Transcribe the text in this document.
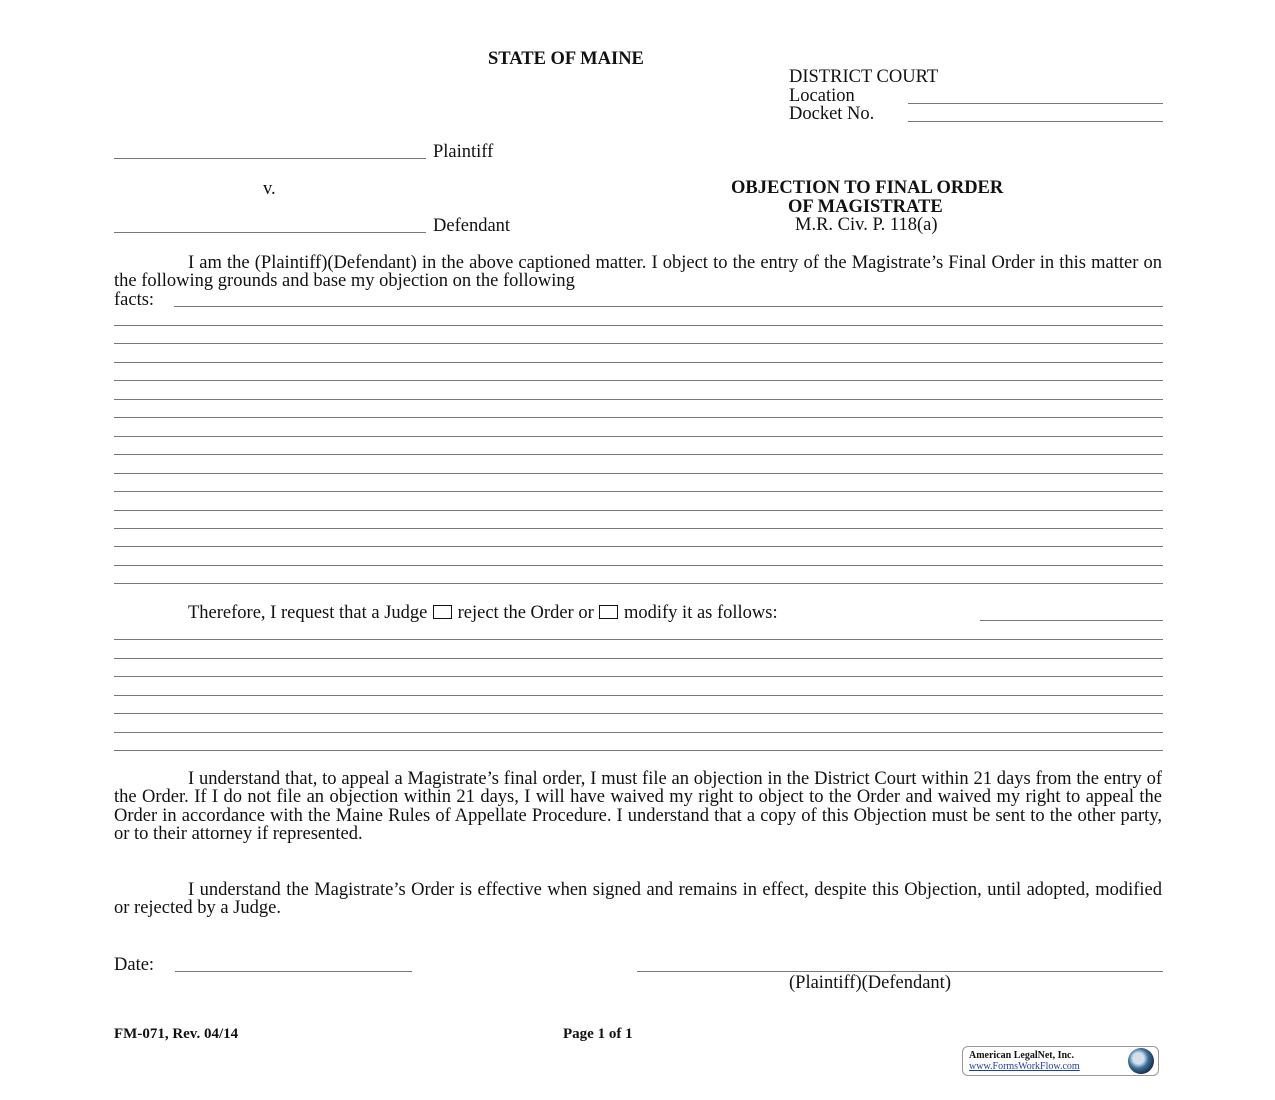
STATE OF MAINE
DISTRICT COURT
Location
Docket No.
Plaintiff
v.
Defendant
OBJECTION TO FINAL ORDER
OF MAGISTRATE
M.R. Civ. P. 118(a)
I am the (Plaintiff)(Defendant) in the above captioned matter. I object to the entry of the Magistrate’s Final Order in this matter on the following grounds and base my objection on the following
facts:
Therefore, I request that a Judge reject the Order or modify it as follows:
I understand that, to appeal a Magistrate’s final order, I must file an objection in the District Court within 21 days from the entry of the Order. If I do not file an objection within 21 days, I will have waived my right to object to the Order and waived my right to appeal the Order in accordance with the Maine Rules of Appellate Procedure. I understand that a copy of this Objection must be sent to the other party, or to their attorney if represented.
I understand the Magistrate’s Order is effective when signed and remains in effect, despite this Objection, until adopted, modified or rejected by a Judge.
Date:
(Plaintiff)(Defendant)
FM-071, Rev. 04/14	Page 1 of 1
American LegalNet, Inc.
www.FormsWorkFlow.com
